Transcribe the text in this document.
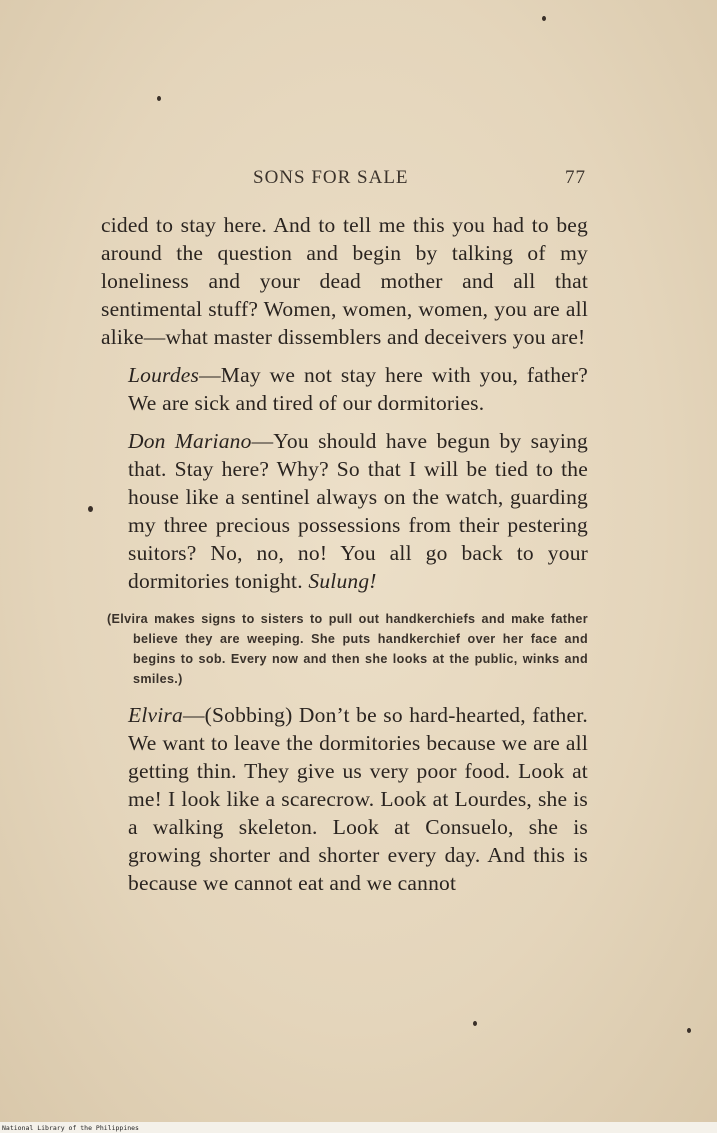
SONS FOR SALE	77

cided to stay here. And to tell me this you had to beg around the question and begin by talking of my loneliness and your dead mother and all that sentimental stuff? Women, women, women, you are all alike—what master dissemblers and deceivers you are!

Lourdes—May we not stay here with you, father? We are sick and tired of our dormitories.

Don Mariano—You should have begun by saying that. Stay here? Why? So that I will be tied to the house like a sentinel always on the watch, guarding my three precious possessions from their pestering suitors? No, no, no! You all go back to your dormitories tonight. Sulung!

(Elvira makes signs to sisters to pull out handkerchiefs and make father believe they are weeping. She puts handkerchief over her face and begins to sob. Every now and then she looks at the public, winks and smiles.)

Elvira—(Sobbing) Don’t be so hard-hearted, father. We want to leave the dormitories because we are all getting thin. They give us very poor food. Look at me! I look like a scarecrow. Look at Lourdes, she is a walking skeleton. Look at Consuelo, she is growing shorter and shorter every day. And this is because we cannot eat and we cannot

National Library of the Philippines
